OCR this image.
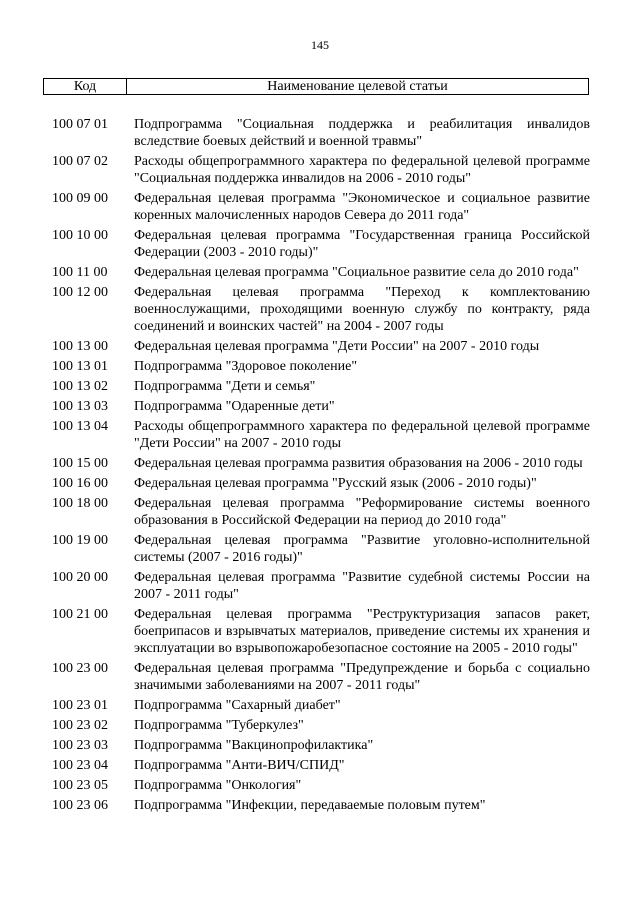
145
Код	Наименование целевой статьи
100 07 01	Подпрограмма "Социальная поддержка и реабилитация инвалидов вследствие боевых действий и военной травмы"
100 07 02	Расходы общепрограммного характера по федеральной целевой программе "Социальная поддержка инвалидов на 2006 - 2010 годы"
100 09 00	Федеральная целевая программа "Экономическое и социальное развитие коренных малочисленных народов Севера до 2011 года"
100 10 00	Федеральная целевая программа "Государственная граница Российской Федерации (2003 - 2010 годы)"
100 11 00	Федеральная целевая программа "Социальное развитие села до 2010 года"
100 12 00	Федеральная целевая программа "Переход к комплектованию военнослужащими, проходящими военную службу по контракту, ряда соединений и воинских частей" на 2004 - 2007 годы
100 13 00	Федеральная целевая программа "Дети России" на 2007 - 2010 годы
100 13 01	Подпрограмма "Здоровое поколение"
100 13 02	Подпрограмма "Дети и семья"
100 13 03	Подпрограмма "Одаренные дети"
100 13 04	Расходы общепрограммного характера по федеральной целевой программе "Дети России" на 2007 - 2010 годы
100 15 00	Федеральная целевая программа развития образования на 2006 - 2010 годы
100 16 00	Федеральная целевая программа "Русский язык (2006 - 2010 годы)"
100 18 00	Федеральная целевая программа "Реформирование системы военного образования в Российской Федерации на период до 2010 года"
100 19 00	Федеральная целевая программа "Развитие уголовно-исполнительной системы (2007 - 2016 годы)"
100 20 00	Федеральная целевая программа "Развитие судебной системы России на 2007 - 2011 годы"
100 21 00	Федеральная целевая программа "Реструктуризация запасов ракет, боеприпасов и взрывчатых материалов, приведение системы их хранения и эксплуатации во взрывопожаробезопасное состояние на 2005 - 2010 годы"
100 23 00	Федеральная целевая программа "Предупреждение и борьба с социально значимыми заболеваниями на 2007 - 2011 годы"
100 23 01	Подпрограмма "Сахарный диабет"
100 23 02	Подпрограмма "Туберкулез"
100 23 03	Подпрограмма "Вакцинопрофилактика"
100 23 04	Подпрограмма "Анти-ВИЧ/СПИД"
100 23 05	Подпрограмма "Онкология"
100 23 06	Подпрограмма "Инфекции, передаваемые половым путем"
